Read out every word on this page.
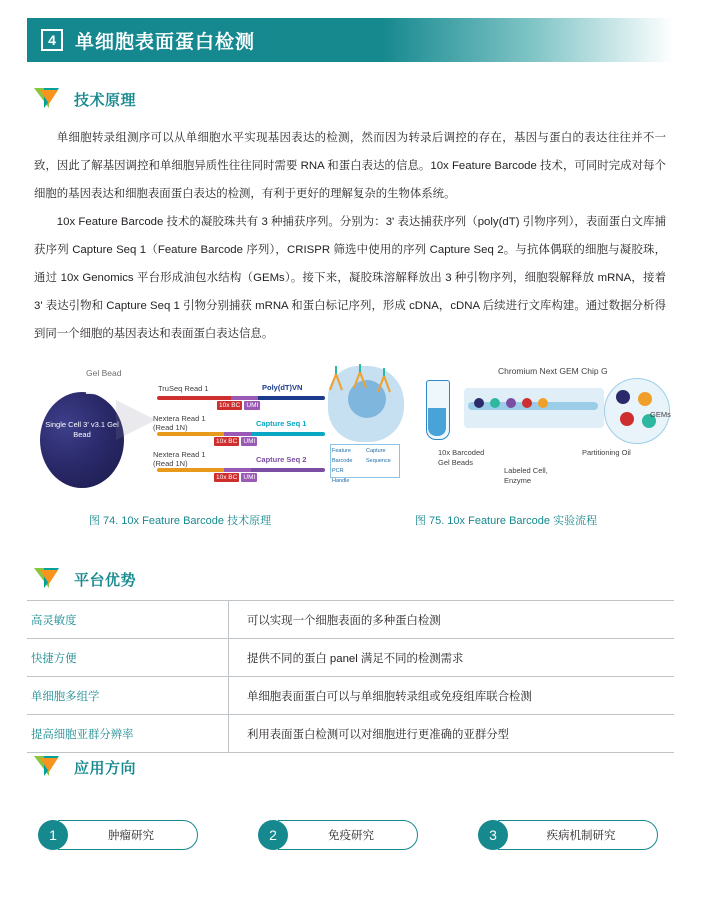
4	单细胞表面蛋白检测
技术原理
单细胞转录组测序可以从单细胞水平实现基因表达的检测，然而因为转录后调控的存在，基因与蛋白的表达往往并不一致，因此了解基因调控和单细胞异质性往往同时需要 RNA 和蛋白表达的信息。10x Feature Barcode 技术，可同时完成对每个细胞的基因表达和细胞表面蛋白表达的检测，有利于更好的理解复杂的生物体系统。
10x Feature Barcode 技术的凝胶珠共有 3 种捕获序列。分别为：3' 表达捕获序列（poly(dT) 引物序列），表面蛋白文库捕获序列 Capture Seq 1（Feature Barcode 序列），CRISPR 筛选中使用的序列 Capture Seq 2。与抗体偶联的细胞与凝胶珠，通过 10x Genomics 平台形成油包水结构（GEMs）。接下来，凝胶珠溶解释放出 3 种引物序列，细胞裂解释放 mRNA，接着 3' 表达引物和 Capture Seq 1 引物分别捕获 mRNA 和蛋白标记序列，形成 cDNA，cDNA 后续进行文库构建。通过数据分析得到同一个细胞的基因表达和表面蛋白表达信息。
Gel Bead
Single Cell 3' v3.1 Gel Bead
TruSeq Read 1
10x BC UMI
Poly(dT)VN
Nextera Read 1 (Read 1N)
10x BC UMI
Capture Seq 1
Nextera Read 1 (Read 1N)
10x BC UMI
Capture Seq 2
Feature Barcode
Capture Sequence
PCR Handle
Chromium Next GEM Chip G
GEMs
10x Barcoded Gel Beads
Labeled Cell, Enzyme
Partitioning Oil
图 74. 10x Feature Barcode 技术原理	图 75. 10x Feature Barcode 实验流程
平台优势
高灵敏度	可以实现一个细胞表面的多种蛋白检测
快捷方便	提供不同的蛋白 panel 满足不同的检测需求
单细胞多组学	单细胞表面蛋白可以与单细胞转录组或免疫组库联合检测
提高细胞亚群分辨率	利用表面蛋白检测可以对细胞进行更准确的亚群分型
应用方向
1	肿瘤研究	2	免疫研究	3	疾病机制研究
